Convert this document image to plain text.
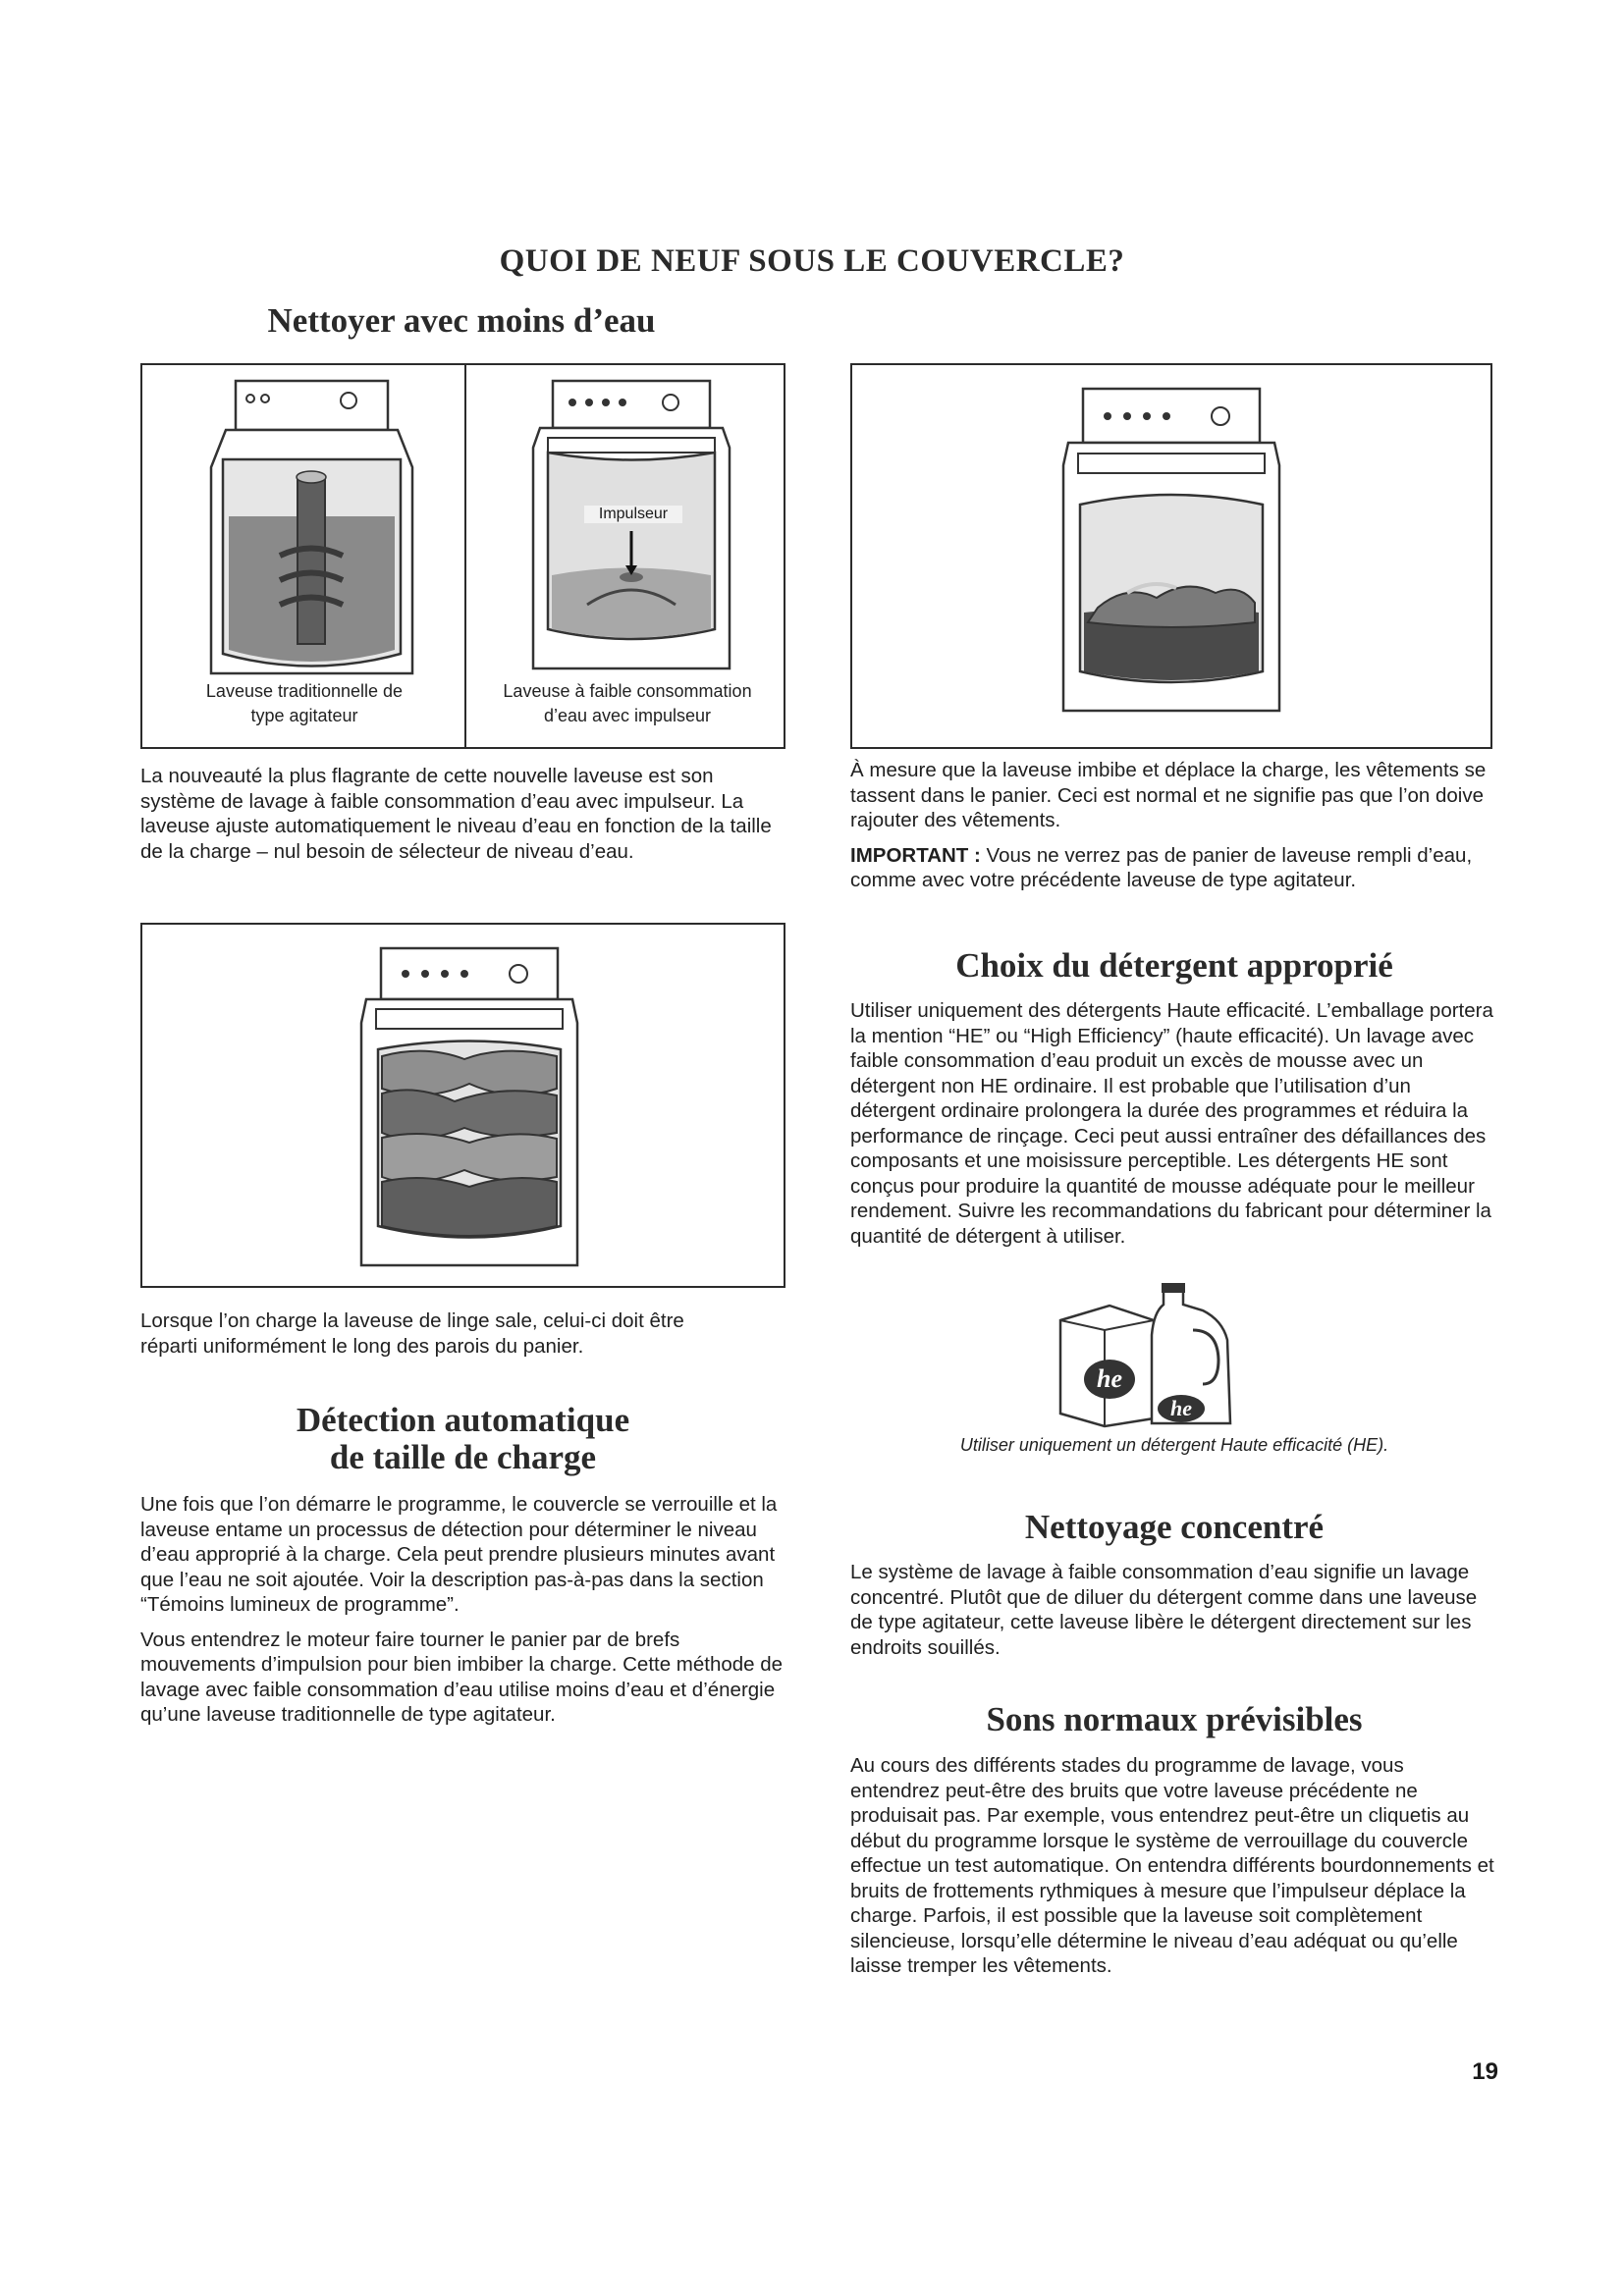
QUOI DE NEUF SOUS LE COUVERCLE?
Nettoyer avec moins d’eau
Laveuse traditionnelle de
type agitateur
Impulseur
Laveuse à faible consommation
d’eau avec impulseur
La nouveauté la plus flagrante de cette nouvelle laveuse est son système de lavage à faible consommation d’eau avec impulseur. La laveuse ajuste automatiquement le niveau d’eau en fonction de la taille de la charge – nul besoin de sélecteur de niveau d’eau.

À mesure que la laveuse imbibe et déplace la charge, les vêtements se tassent dans le panier. Ceci est normal et ne signifie pas que l’on doive rajouter des vêtements.

IMPORTANT : Vous ne verrez pas de panier de laveuse rempli d’eau, comme avec votre précédente laveuse de type agitateur.

Lorsque l’on charge la laveuse de linge sale, celui-ci doit être réparti uniformément le long des parois du panier.
Détection automatique
de taille de charge

Une fois que l’on démarre le programme, le couvercle se verrouille et la laveuse entame un processus de détection pour déterminer le niveau d’eau approprié à la charge. Cela peut prendre plusieurs minutes avant que l’eau ne soit ajoutée. Voir la description pas-à-pas dans la section “Témoins lumineux de programme”.

Vous entendrez le moteur faire tourner le panier par de brefs mouvements d’impulsion pour bien imbiber la charge. Cette méthode de lavage avec faible consommation d’eau utilise moins d’eau et d’énergie qu’une laveuse traditionnelle de type agitateur.

Choix du détergent approprié
Utiliser uniquement des détergents Haute efficacité. L’emballage portera la mention “HE” ou “High Efficiency” (haute efficacité). Un lavage avec faible consommation d’eau produit un excès de mousse avec un détergent non HE ordinaire. Il est probable que l’utilisation d’un détergent ordinaire prolongera la durée des programmes et réduira la performance de rinçage. Ceci peut aussi entraîner des défaillances des composants et une moisissure perceptible. Les détergents HE sont conçus pour produire la quantité de mousse adéquate pour le meilleur rendement. Suivre les recommandations du fabricant pour déterminer la quantité de détergent à utiliser.
he
he
Utiliser uniquement un détergent Haute efficacité (HE).
Nettoyage concentré
Le système de lavage à faible consommation d’eau signifie un lavage concentré. Plutôt que de diluer du détergent comme dans une laveuse de type agitateur, cette laveuse libère le détergent directement sur les endroits souillés.
Sons normaux prévisibles
Au cours des différents stades du programme de lavage, vous entendrez peut-être des bruits que votre laveuse précédente ne produisait pas. Par exemple, vous entendrez peut-être un cliquetis au début du programme lorsque le système de verrouillage du couvercle effectue un test automatique. On entendra différents bourdonnements et bruits de frottements rythmiques à mesure que l’impulseur déplace la charge. Parfois, il est possible que la laveuse soit complètement silencieuse, lorsqu’elle détermine le niveau d’eau adéquat ou qu’elle laisse tremper les vêtements.
19
